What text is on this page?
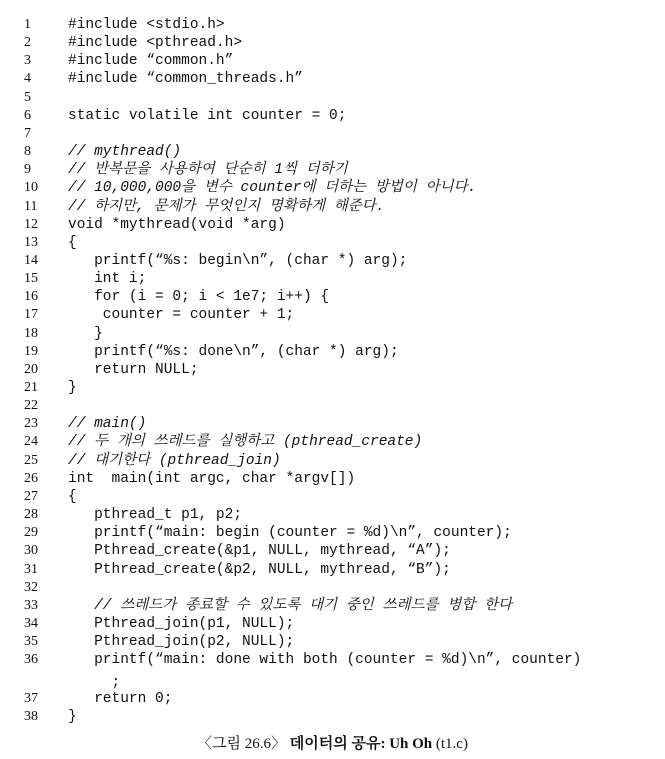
1	#include <stdio.h>
2	#include <pthread.h>
3	#include “common.h”
4	#include “common_threads.h”
5
6	static volatile int counter = 0;
7
8	// mythread()
9	// 반복문을 사용하여 단순히 1씩 더하기
10	// 10,000,000을 변수 counter에 더하는 방법이 아니다.
11	// 하지만, 문제가 무엇인지 명확하게 해준다.
12	void *mythread(void *arg)
13	{
14	printf(“%s: begin\n”, (char *) arg);
15	int i;
16	for (i = 0; i < 1e7; i++) {
17	counter = counter + 1;
18	}
19	printf(“%s: done\n”, (char *) arg);
20	return NULL;
21	}
22
23	// main()
24	// 두 개의 쓰레드를 실행하고 (pthread_create)
25	// 대기한다 (pthread_join)
26	int  main(int argc, char *argv[])
27	{
28	pthread_t p1, p2;
29	printf(“main: begin (counter = %d)\n”, counter);
30	Pthread_create(&p1, NULL, mythread, “A”);
31	Pthread_create(&p2, NULL, mythread, “B”);
32
33	// 쓰레드가 종료할 수 있도록 대기 중인 쓰레드를 병합 한다
34	Pthread_join(p1, NULL);
35	Pthread_join(p2, NULL);
36	printf(“main: done with both (counter = %d)\n”, counter)
;
37	return 0;
38	}
〈그림 26.6〉 데이터의 공유: Uh Oh (t1.c)
